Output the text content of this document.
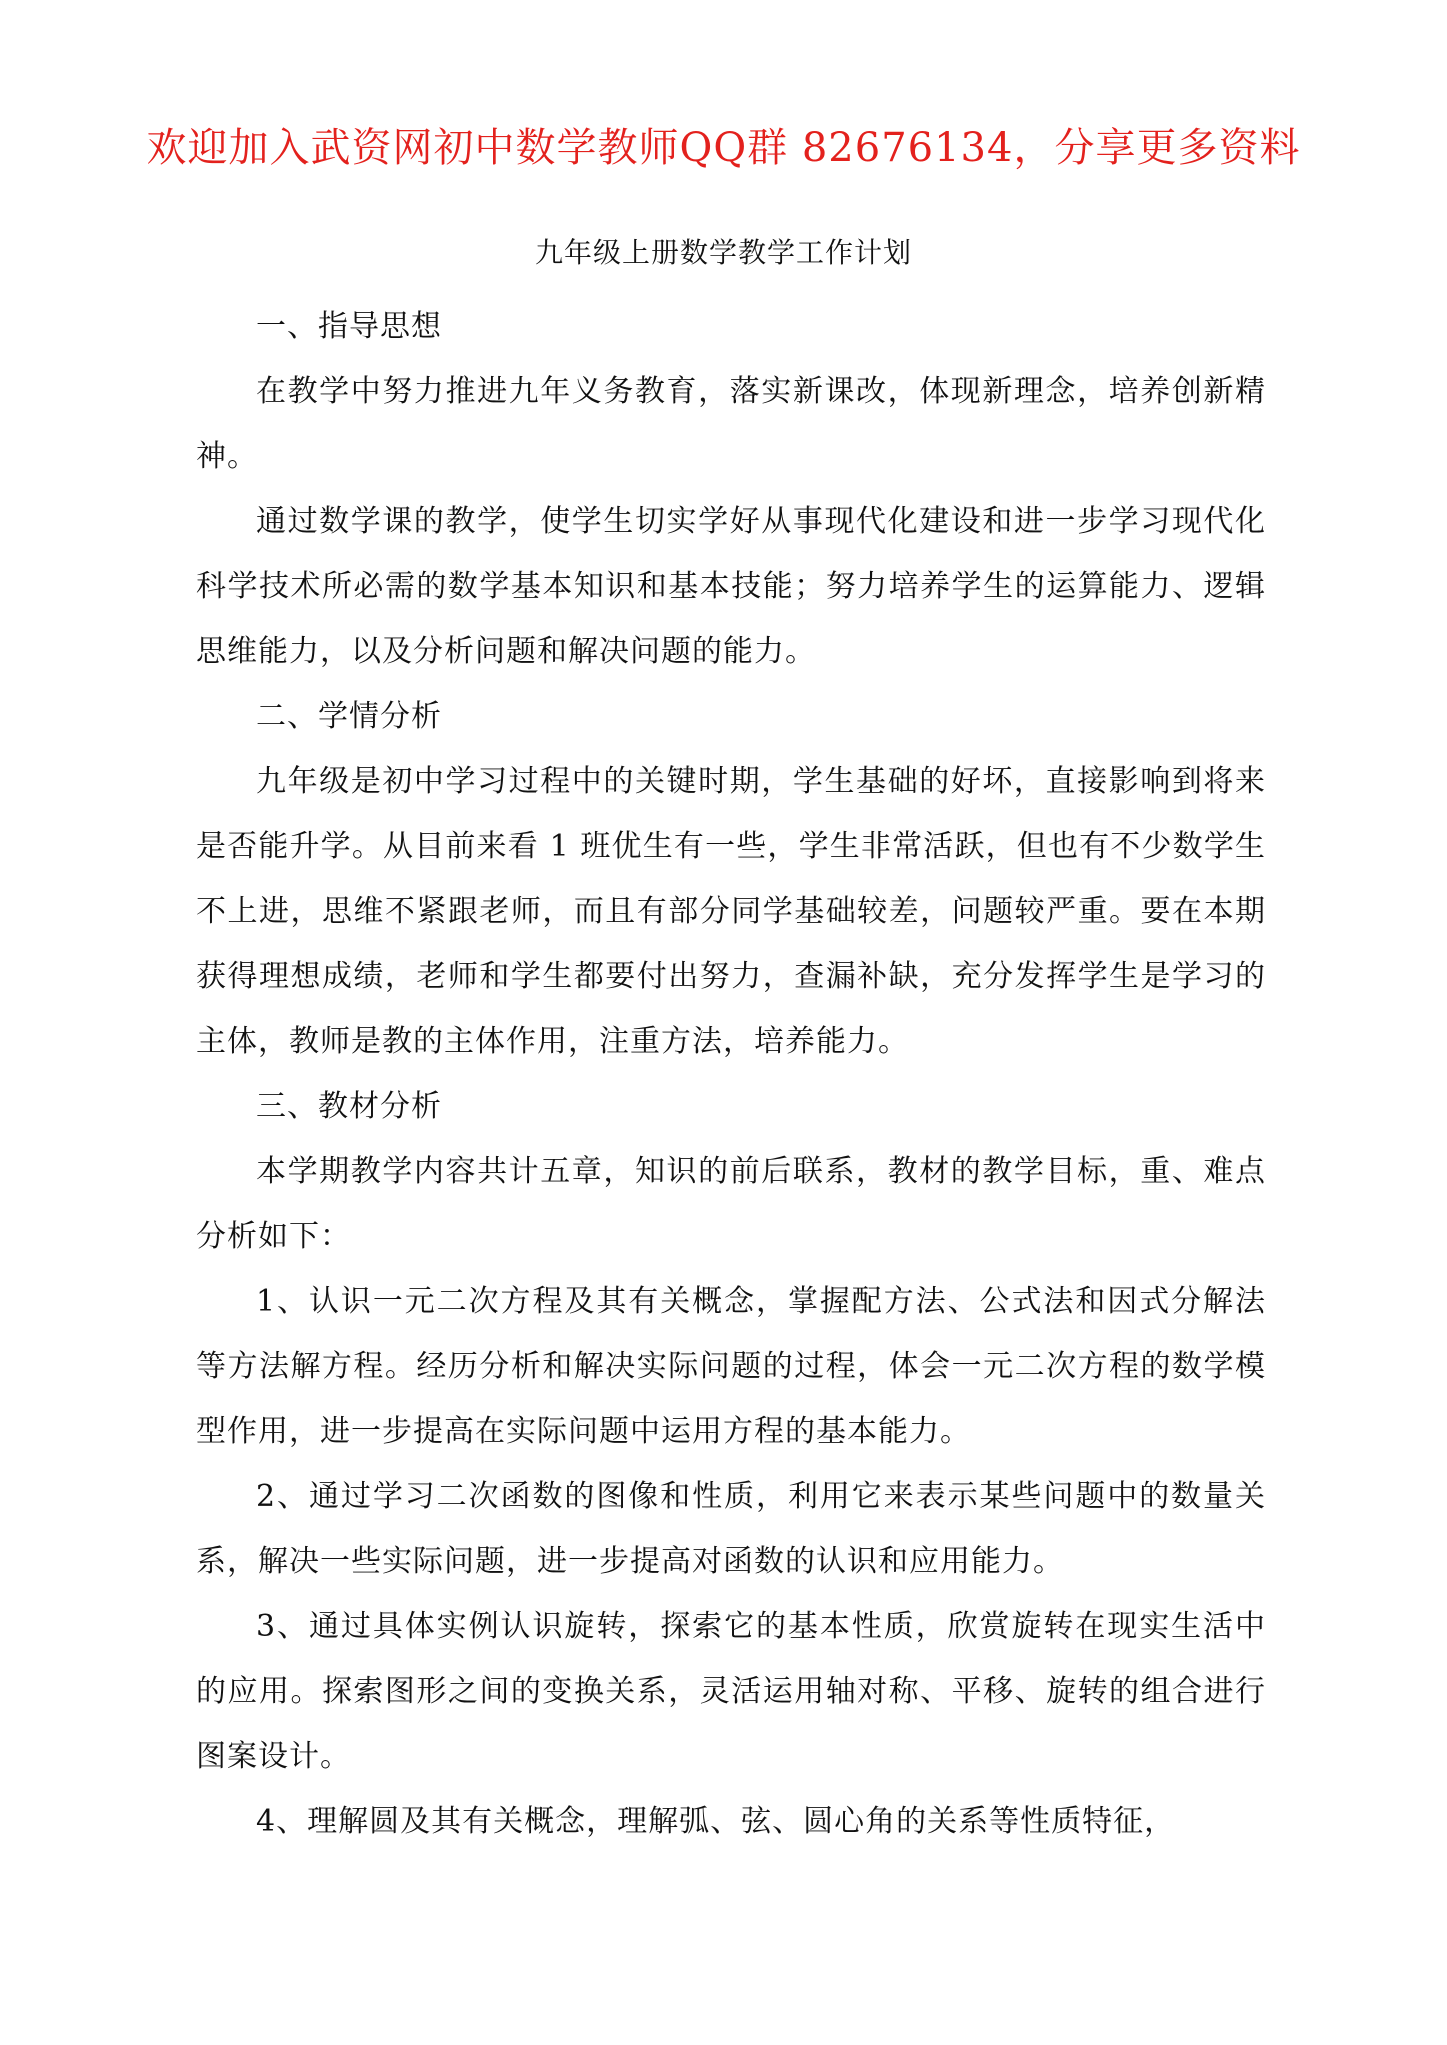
欢迎加入武资网初中数学教师QQ群 82676134，分享更多资料
九年级上册数学教学工作计划

一、指导思想

在教学中努力推进九年义务教育，落实新课改，体现新理念，培养创新精神。

通过数学课的教学，使学生切实学好从事现代化建设和进一步学习现代化科学技术所必需的数学基本知识和基本技能；努力培养学生的运算能力、逻辑思维能力，以及分析问题和解决问题的能力。

二、学情分析

九年级是初中学习过程中的关键时期，学生基础的好坏，直接影响到将来是否能升学。从目前来看 1 班优生有一些，学生非常活跃，但也有不少数学生不上进，思维不紧跟老师，而且有部分同学基础较差，问题较严重。要在本期获得理想成绩，老师和学生都要付出努力，查漏补缺，充分发挥学生是学习的主体，教师是教的主体作用，注重方法，培养能力。

三、教材分析

本学期教学内容共计五章，知识的前后联系，教材的教学目标，重、难点分析如下：

1、认识一元二次方程及其有关概念，掌握配方法、公式法和因式分解法等方法解方程。经历分析和解决实际问题的过程，体会一元二次方程的数学模型作用，进一步提高在实际问题中运用方程的基本能力。

2、通过学习二次函数的图像和性质，利用它来表示某些问题中的数量关系，解决一些实际问题，进一步提高对函数的认识和应用能力。

3、通过具体实例认识旋转，探索它的基本性质，欣赏旋转在现实生活中的应用。探索图形之间的变换关系，灵活运用轴对称、平移、旋转的组合进行图案设计。

4、理解圆及其有关概念，理解弧、弦、圆心角的关系等性质特征，
